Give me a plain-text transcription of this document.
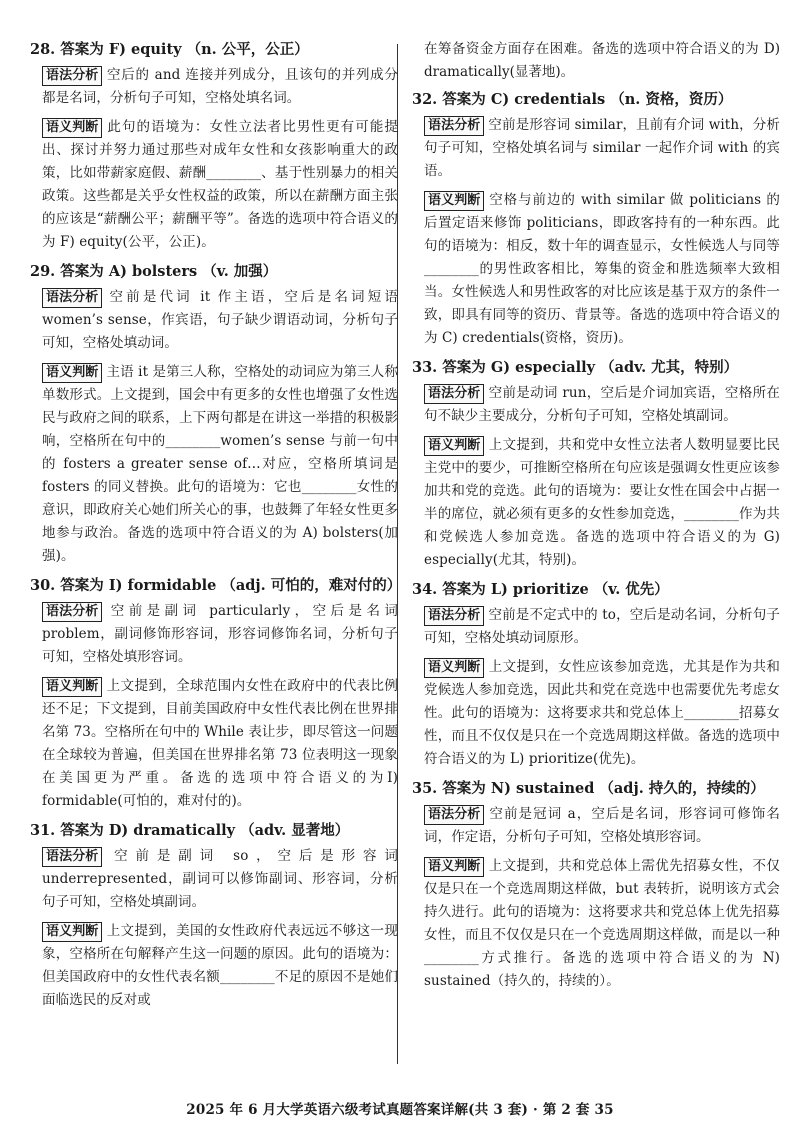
28. 答案为 F) equity （n. 公平，公正）
语法分析 空后的 and 连接并列成分，且该句的并列成分都是名词，分析句子可知，空格处填名词。
语义判断 此句的语境为：女性立法者比男性更有可能提出、探讨并努力通过那些对成年女性和女孩影响重大的政策，比如带薪家庭假、薪酬________、基于性别暴力的相关政策。这些都是关乎女性权益的政策，所以在薪酬方面主张的应该是“薪酬公平；薪酬平等”。备选的选项中符合语义的为 F) equity(公平，公正)。
29. 答案为 A) bolsters （v. 加强）
语法分析 空前是代词 it 作主语，空后是名词短语 women’s sense，作宾语，句子缺少谓语动词，分析句子可知，空格处填动词。
语义判断 主语 it 是第三人称，空格处的动词应为第三人称单数形式。上文提到，国会中有更多的女性也增强了女性选民与政府之间的联系，上下两句都是在讲这一举措的积极影响，空格所在句中的________women’s sense 与前一句中的 fosters a greater sense of…对应，空格所填词是 fosters 的同义替换。此句的语境为：它也________女性的意识，即政府关心她们所关心的事，也鼓舞了年轻女性更多地参与政治。备选的选项中符合语义的为 A) bolsters(加强)。
30. 答案为 I) formidable （adj. 可怕的，难对付的）
语法分析 空前是副词 particularly，空后是名词 problem，副词修饰形容词，形容词修饰名词，分析句子可知，空格处填形容词。
语义判断 上文提到，全球范围内女性在政府中的代表比例还不足；下文提到，目前美国政府中女性代表比例在世界排名第 73。空格所在句中的 While 表让步，即尽管这一问题在全球较为普遍，但美国在世界排名第 73 位表明这一现象在美国更为严重。备选的选项中符合语义的为I) formidable(可怕的，难对付的)。
31. 答案为 D) dramatically （adv. 显著地）
语法分析 空前是副词 so，空后是形容词 underrepresented，副词可以修饰副词、形容词，分析句子可知，空格处填副词。
语义判断 上文提到，美国的女性政府代表远远不够这一现象，空格所在句解释产生这一问题的原因。此句的语境为：但美国政府中的女性代表名额________不足的原因不是她们面临选民的反对或
在筹备资金方面存在困难。备选的选项中符合语义的为 D) dramatically(显著地)。
32. 答案为 C) credentials （n. 资格，资历）
语法分析 空前是形容词 similar，且前有介词 with，分析句子可知，空格处填名词与 similar 一起作介词 with 的宾语。
语义判断 空格与前边的 with similar 做 politicians 的后置定语来修饰 politicians，即政客持有的一种东西。此句的语境为：相反，数十年的调查显示，女性候选人与同等________的男性政客相比，筹集的资金和胜选频率大致相当。女性候选人和男性政客的对比应该是基于双方的条件一致，即具有同等的资历、背景等。备选的选项中符合语义的为 C) credentials(资格，资历)。
33. 答案为 G) especially （adv. 尤其，特别）
语法分析 空前是动词 run，空后是介词加宾语，空格所在句不缺少主要成分，分析句子可知，空格处填副词。
语义判断 上文提到，共和党中女性立法者人数明显要比民主党中的要少，可推断空格所在句应该是强调女性更应该参加共和党的竞选。此句的语境为：要让女性在国会中占据一半的席位，就必须有更多的女性参加竞选，________作为共和党候选人参加竞选。备选的选项中符合语义的为 G) especially(尤其，特别)。
34. 答案为 L) prioritize （v. 优先）
语法分析 空前是不定式中的 to，空后是动名词，分析句子可知，空格处填动词原形。
语义判断 上文提到，女性应该参加竞选，尤其是作为共和党候选人参加竞选，因此共和党在竞选中也需要优先考虑女性。此句的语境为：这将要求共和党总体上________招募女性，而且不仅仅是只在一个竞选周期这样做。备选的选项中符合语义的为 L) prioritize(优先)。
35. 答案为 N) sustained （adj. 持久的，持续的）
语法分析 空前是冠词 a，空后是名词，形容词可修饰名词，作定语，分析句子可知，空格处填形容词。
语义判断 上文提到，共和党总体上需优先招募女性，不仅仅是只在一个竞选周期这样做，but 表转折，说明该方式会持久进行。此句的语境为：这将要求共和党总体上优先招募女性，而且不仅仅是只在一个竞选周期这样做，而是以一种________方式推行。备选的选项中符合语义的为 N) sustained（持久的，持续的）。
2025 年 6 月大学英语六级考试真题答案详解(共 3 套) · 第 2 套 35
